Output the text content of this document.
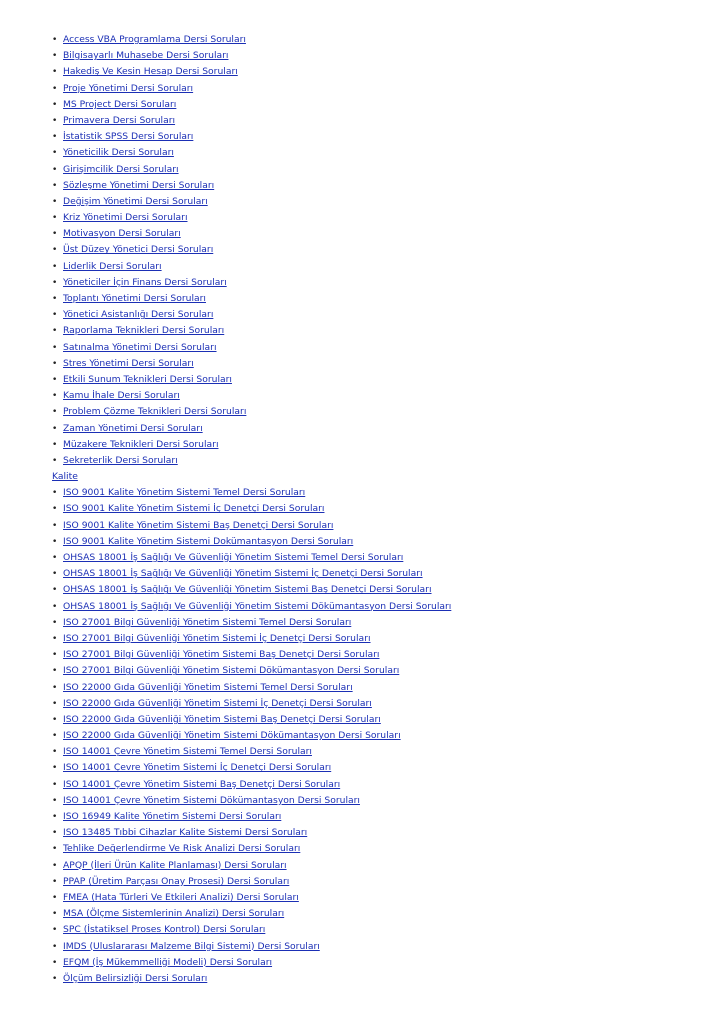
• Access VBA Programlama Dersi Soruları
• Bilgisayarlı Muhasebe Dersi Soruları
• Hakediş Ve Kesin Hesap Dersi Soruları
• Proje Yönetimi Dersi Soruları
• MS Project Dersi Soruları
• Primavera Dersi Soruları
• İstatistik SPSS Dersi Soruları
• Yöneticilik Dersi Soruları
• Girişimcilik Dersi Soruları
• Sözleşme Yönetimi Dersi Soruları
• Değişim Yönetimi Dersi Soruları
• Kriz Yönetimi Dersi Soruları
• Motivasyon Dersi Soruları
• Üst Düzey Yönetici Dersi Soruları
• Liderlik Dersi Soruları
• Yöneticiler İçin Finans Dersi Soruları
• Toplantı Yönetimi Dersi Soruları
• Yönetici Asistanlığı Dersi Soruları
• Raporlama Teknikleri Dersi Soruları
• Satınalma Yönetimi Dersi Soruları
• Stres Yönetimi Dersi Soruları
• Etkili Sunum Teknikleri Dersi Soruları
• Kamu İhale Dersi Soruları
• Problem Çözme Teknikleri Dersi Soruları
• Zaman Yönetimi Dersi Soruları
• Müzakere Teknikleri Dersi Soruları
• Sekreterlik Dersi Soruları
Kalite
• ISO 9001 Kalite Yönetim Sistemi Temel Dersi Soruları
• ISO 9001 Kalite Yönetim Sistemi İç Denetçi Dersi Soruları
• ISO 9001 Kalite Yönetim Sistemi Baş Denetçi Dersi Soruları
• ISO 9001 Kalite Yönetim Sistemi Dokümantasyon Dersi Soruları
• OHSAS 18001 İş Sağlığı Ve Güvenliği Yönetim Sistemi Temel Dersi Soruları
• OHSAS 18001 İş Sağlığı Ve Güvenliği Yönetim Sistemi İç Denetçi Dersi Soruları
• OHSAS 18001 İş Sağlığı Ve Güvenliği Yönetim Sistemi Baş Denetçi Dersi Soruları
• OHSAS 18001 İş Sağlığı Ve Güvenliği Yönetim Sistemi Dökümantasyon Dersi Soruları
• ISO 27001 Bilgi Güvenliği Yönetim Sistemi Temel Dersi Soruları
• ISO 27001 Bilgi Güvenliği Yönetim Sistemi İç Denetçi Dersi Soruları
• ISO 27001 Bilgi Güvenliği Yönetim Sistemi Baş Denetçi Dersi Soruları
• ISO 27001 Bilgi Güvenliği Yönetim Sistemi Dökümantasyon Dersi Soruları
• ISO 22000 Gıda Güvenliği Yönetim Sistemi Temel Dersi Soruları
• ISO 22000 Gıda Güvenliği Yönetim Sistemi İç Denetçi Dersi Soruları
• ISO 22000 Gıda Güvenliği Yönetim Sistemi Baş Denetçi Dersi Soruları
• ISO 22000 Gıda Güvenliği Yönetim Sistemi Dökümantasyon Dersi Soruları
• ISO 14001 Çevre Yönetim Sistemi Temel Dersi Soruları
• ISO 14001 Çevre Yönetim Sistemi İç Denetçi Dersi Soruları
• ISO 14001 Çevre Yönetim Sistemi Baş Denetçi Dersi Soruları
• ISO 14001 Çevre Yönetim Sistemi Dökümantasyon Dersi Soruları
• ISO 16949 Kalite Yönetim Sistemi Dersi Soruları
• ISO 13485 Tıbbi Cihazlar Kalite Sistemi Dersi Soruları
• Tehlike Değerlendirme Ve Risk Analizi Dersi Soruları
• APQP (İleri Ürün Kalite Planlaması) Dersi Soruları
• PPAP (Üretim Parçası Onay Prosesi) Dersi Soruları
• FMEA (Hata Türleri Ve Etkileri Analizi) Dersi Soruları
• MSA (Ölçme Sistemlerinin Analizi) Dersi Soruları
• SPC (İstatiksel Proses Kontrol) Dersi Soruları
• IMDS (Uluslararası Malzeme Bilgi Sistemi) Dersi Soruları
• EFQM (İş Mükemmelliği Modeli) Dersi Soruları
• Ölçüm Belirsizliği Dersi Soruları
